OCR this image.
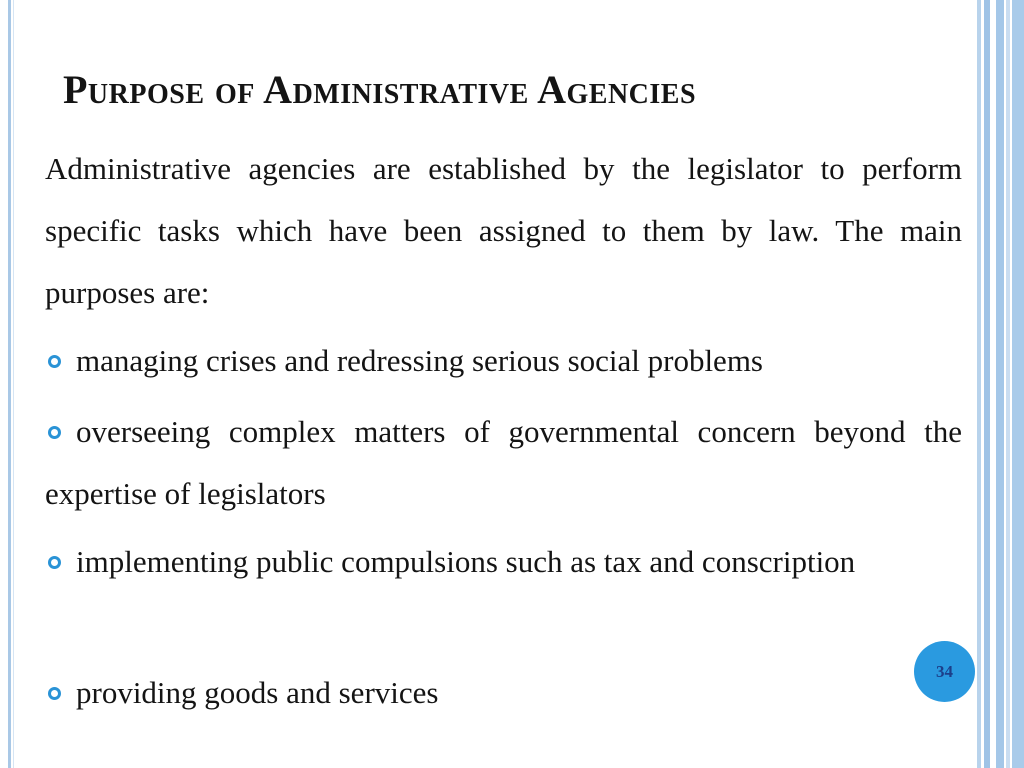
Purpose of Administrative Agencies
Administrative agencies are established by the legislator to perform specific tasks which have been assigned to them by law. The main purposes are:
managing crises and redressing serious social problems
overseeing complex matters of governmental concern beyond the expertise of legislators
implementing public compulsions such as tax and conscription
providing goods and services
34
